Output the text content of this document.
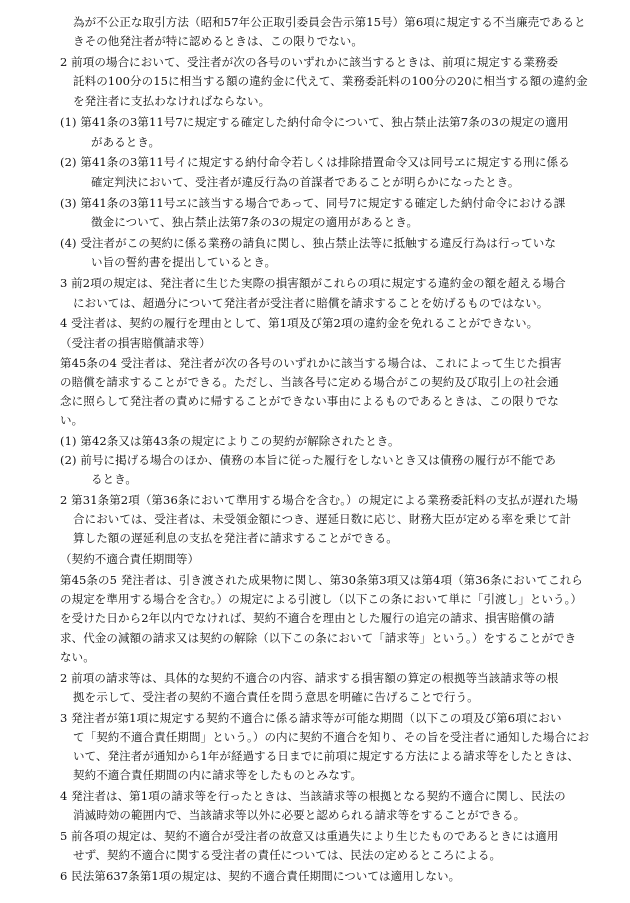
為が不公正な取引方法（昭和57年公正取引委員会告示第15号）第6項に規定する不当廉売であると
きその他発注者が特に認めるときは、この限りでない。
2 前項の場合において、受注者が次の各号のいずれかに該当するときは、前項に規定する業務委
託料の100分の15に相当する額の違約金に代えて、業務委託料の100分の20に相当する額の違約金
を発注者に支払わなければならない。
(1) 第41条の3第11号7に規定する確定した納付命令について、独占禁止法第7条の3の規定の適用
があるとき。
(2) 第41条の3第11号イに規定する納付命令若しくは排除措置命令又は同号ヱに規定する刑に係る
確定判決において、受注者が違反行為の首謀者であることが明らかになったとき。
(3) 第41条の3第11号ヱに該当する場合であって、同号7に規定する確定した納付命令における課
徴金について、独占禁止法第7条の3の規定の適用があるとき。
(4) 受注者がこの契約に係る業務の請負に関し、独占禁止法等に抵触する違反行為は行っていな
い旨の誓約書を提出しているとき。
3 前2項の規定は、発注者に生じた実際の損害額がこれらの項に規定する違約金の額を超える場合
においては、超過分について発注者が受注者に賠償を請求することを妨げるものではない。
4 受注者は、契約の履行を理由として、第1項及び第2項の違約金を免れることができない。
（受注者の損害賠償請求等）
第45条の4 受注者は、発注者が次の各号のいずれかに該当する場合は、これによって生じた損害
の賠償を請求することができる。ただし、当該各号に定める場合がこの契約及び取引上の社会通
念に照らして発注者の責めに帰することができない事由によるものであるときは、この限りでな
い。
(1) 第42条又は第43条の規定によりこの契約が解除されたとき。
(2) 前号に掲げる場合のほか、債務の本旨に従った履行をしないとき又は債務の履行が不能であ
るとき。
2 第31条第2項（第36条において準用する場合を含む。）の規定による業務委託料の支払が遅れた場
合においては、受注者は、未受領金額につき、遅延日数に応じ、財務大臣が定める率を乗じて計
算した額の遅延利息の支払を発注者に請求することができる。
（契約不適合責任期間等）
第45条の5 発注者は、引き渡された成果物に関し、第30条第3項又は第4項（第36条においてこれら
の規定を準用する場合を含む。）の規定による引渡し（以下この条において単に「引渡し」という。）
を受けた日から2年以内でなければ、契約不適合を理由とした履行の追完の請求、損害賠償の請
求、代金の減額の請求又は契約の解除（以下この条において「請求等」という。）をすることができ
ない。
2 前項の請求等は、具体的な契約不適合の内容、請求する損害額の算定の根拠等当該請求等の根
拠を示して、受注者の契約不適合責任を問う意思を明確に告げることで行う。
3 発注者が第1項に規定する契約不適合に係る請求等が可能な期間（以下この項及び第6項におい
て「契約不適合責任期間」という。）の内に契約不適合を知り、その旨を受注者に通知した場合にお
いて、発注者が通知から1年が経過する日までに前項に規定する方法による請求等をしたときは、
契約不適合責任期間の内に請求等をしたものとみなす。
4 発注者は、第1項の請求等を行ったときは、当該請求等の根拠となる契約不適合に関し、民法の
消滅時効の範囲内で、当該請求等以外に必要と認められる請求等をすることができる。
5 前各項の規定は、契約不適合が受注者の故意又は重過失により生じたものであるときには適用
せず、契約不適合に関する受注者の責任については、民法の定めるところによる。
6 民法第637条第1項の規定は、契約不適合責任期間については適用しない。
